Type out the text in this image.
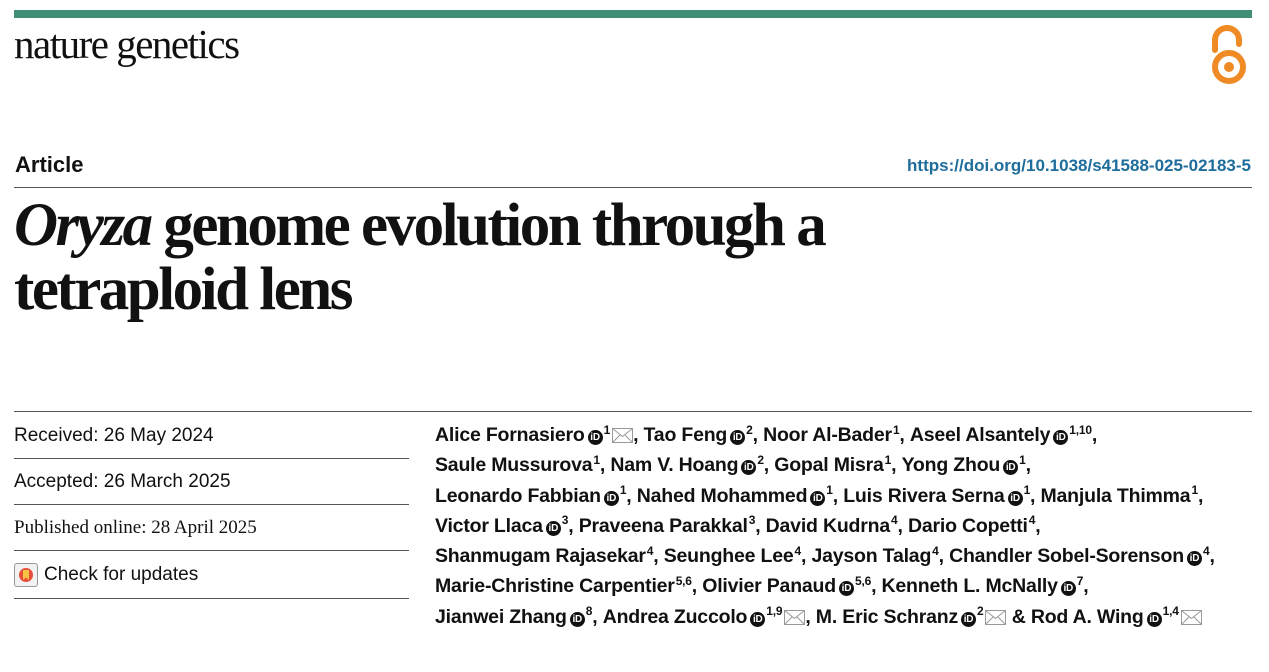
nature genetics
Article	https://doi.org/10.1038/s41588-025-02183-5
Oryza genome evolution through a
tetraploid lens
Received: 26 May 2024
Accepted: 26 March 2025
Published online: 28 April 2025
Check for updates
Alice Fornasiero $iD^1$ , Tao Feng $iD^2$, Noor Al-Bader$^1$, Aseel Alsantely iD$^{1,10}$, Saule Mussurova$^1$, Nam V. Hoang $iD^2$, Gopal Misra$^1$, Yong Zhou $iD^1$, Leonardo Fabbian $iD^1$, Nahed Mohammed $iD^1$, Luis Rivera Serna $iD^1$, Manjula Thimma$^1$, Victor Llaca $iD^3$, Praveena Parakkal$^3$, David Kudrna$^4$, Dario Copetti$^4$, Shanmugam Rajasekar$^4$, Seunghee Lee$^4$, Jayson Talag$^4$, Chandler Sobel-Sorenson $iD^4$, Marie-Christine Carpentier$^{5,6}$, Olivier Panaud iD$^{5,6}$, Kenneth L. McNally $iD^7$, Jianwei Zhang $iD^8$, Andrea Zuccolo iD$^{1,9}$ , M. Eric Schranz $iD^2$ & Rod A. Wing iD$^{1,4}$
